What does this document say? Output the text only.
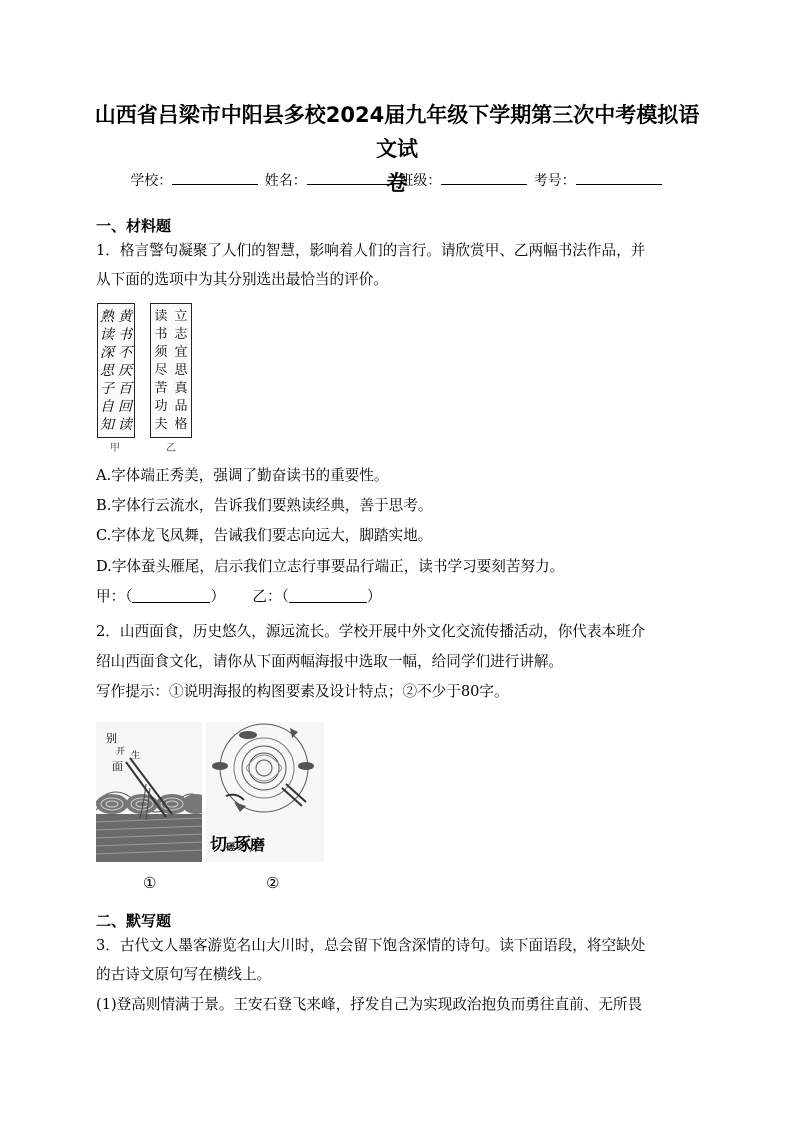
山西省吕梁市中阳县多校2024届九年级下学期第三次中考模拟语文试
卷
学校：	姓名：	班级：	考号：
一、材料题
1．格言警句凝聚了人们的智慧，影响着人们的言行。请欣赏甲、乙两幅书法作品，并
从下面的选项中为其分别选出最恰当的评价。
黄
书
不
厌
百
回
读
熟
读
深
思
子
自
知
甲
立
志
宜
思
真
品
格
读
书
须
尽
苦
功
夫
乙
A.字体端正秀美，强调了勤奋读书的重要性。
B.字体行云流水，告诉我们要熟读经典，善于思考。
C.字体龙飞凤舞，告诫我们要志向远大，脚踏实地。
D.字体蚕头雁尾，启示我们立志行事要品行端正，读书学习要刻苦努力。
甲：（	） 乙：（	）
2．山西面食，历史悠久，源远流长。学校开展中外文化交流传播活动，你代表本班介
绍山西面食文化，请你从下面两幅海报中选取一幅，给同学们进行讲解。
写作提示：①说明海报的构图要素及设计特点；②不少于80字。
别
开 生
面
①
切磋琢磨
②
二、默写题
3．古代文人墨客游览名山大川时，总会留下饱含深情的诗句。读下面语段，将空缺处
的古诗文原句写在横线上。
(1)登高则情满于景。王安石登飞来峰，抒发自己为实现政治抱负而勇往直前、无所畏
